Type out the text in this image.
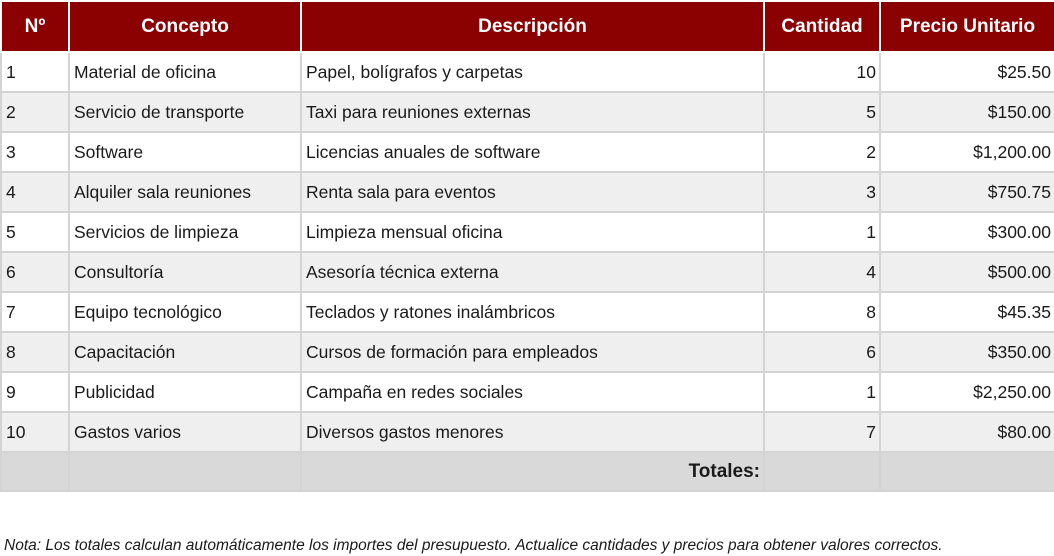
Nº	Concepto	Descripción	Cantidad	Precio Unitario
1	Material de oficina	Papel, bolígrafos y carpetas	10	$25.50
2	Servicio de transporte	Taxi para reuniones externas	5	$150.00
3	Software	Licencias anuales de software	2	$1,200.00
4	Alquiler sala reuniones	Renta sala para eventos	3	$750.75
5	Servicios de limpieza	Limpieza mensual oficina	1	$300.00
6	Consultoría	Asesoría técnica externa	4	$500.00
7	Equipo tecnológico	Teclados y ratones inalámbricos	8	$45.35
8	Capacitación	Cursos de formación para empleados	6	$350.00
9	Publicidad	Campaña en redes sociales	1	$2,250.00
10	Gastos varios	Diversos gastos menores	7	$80.00
		Totales:		
Nota: Los totales calculan automáticamente los importes del presupuesto. Actualice cantidades y precios para obtener valores correctos.
